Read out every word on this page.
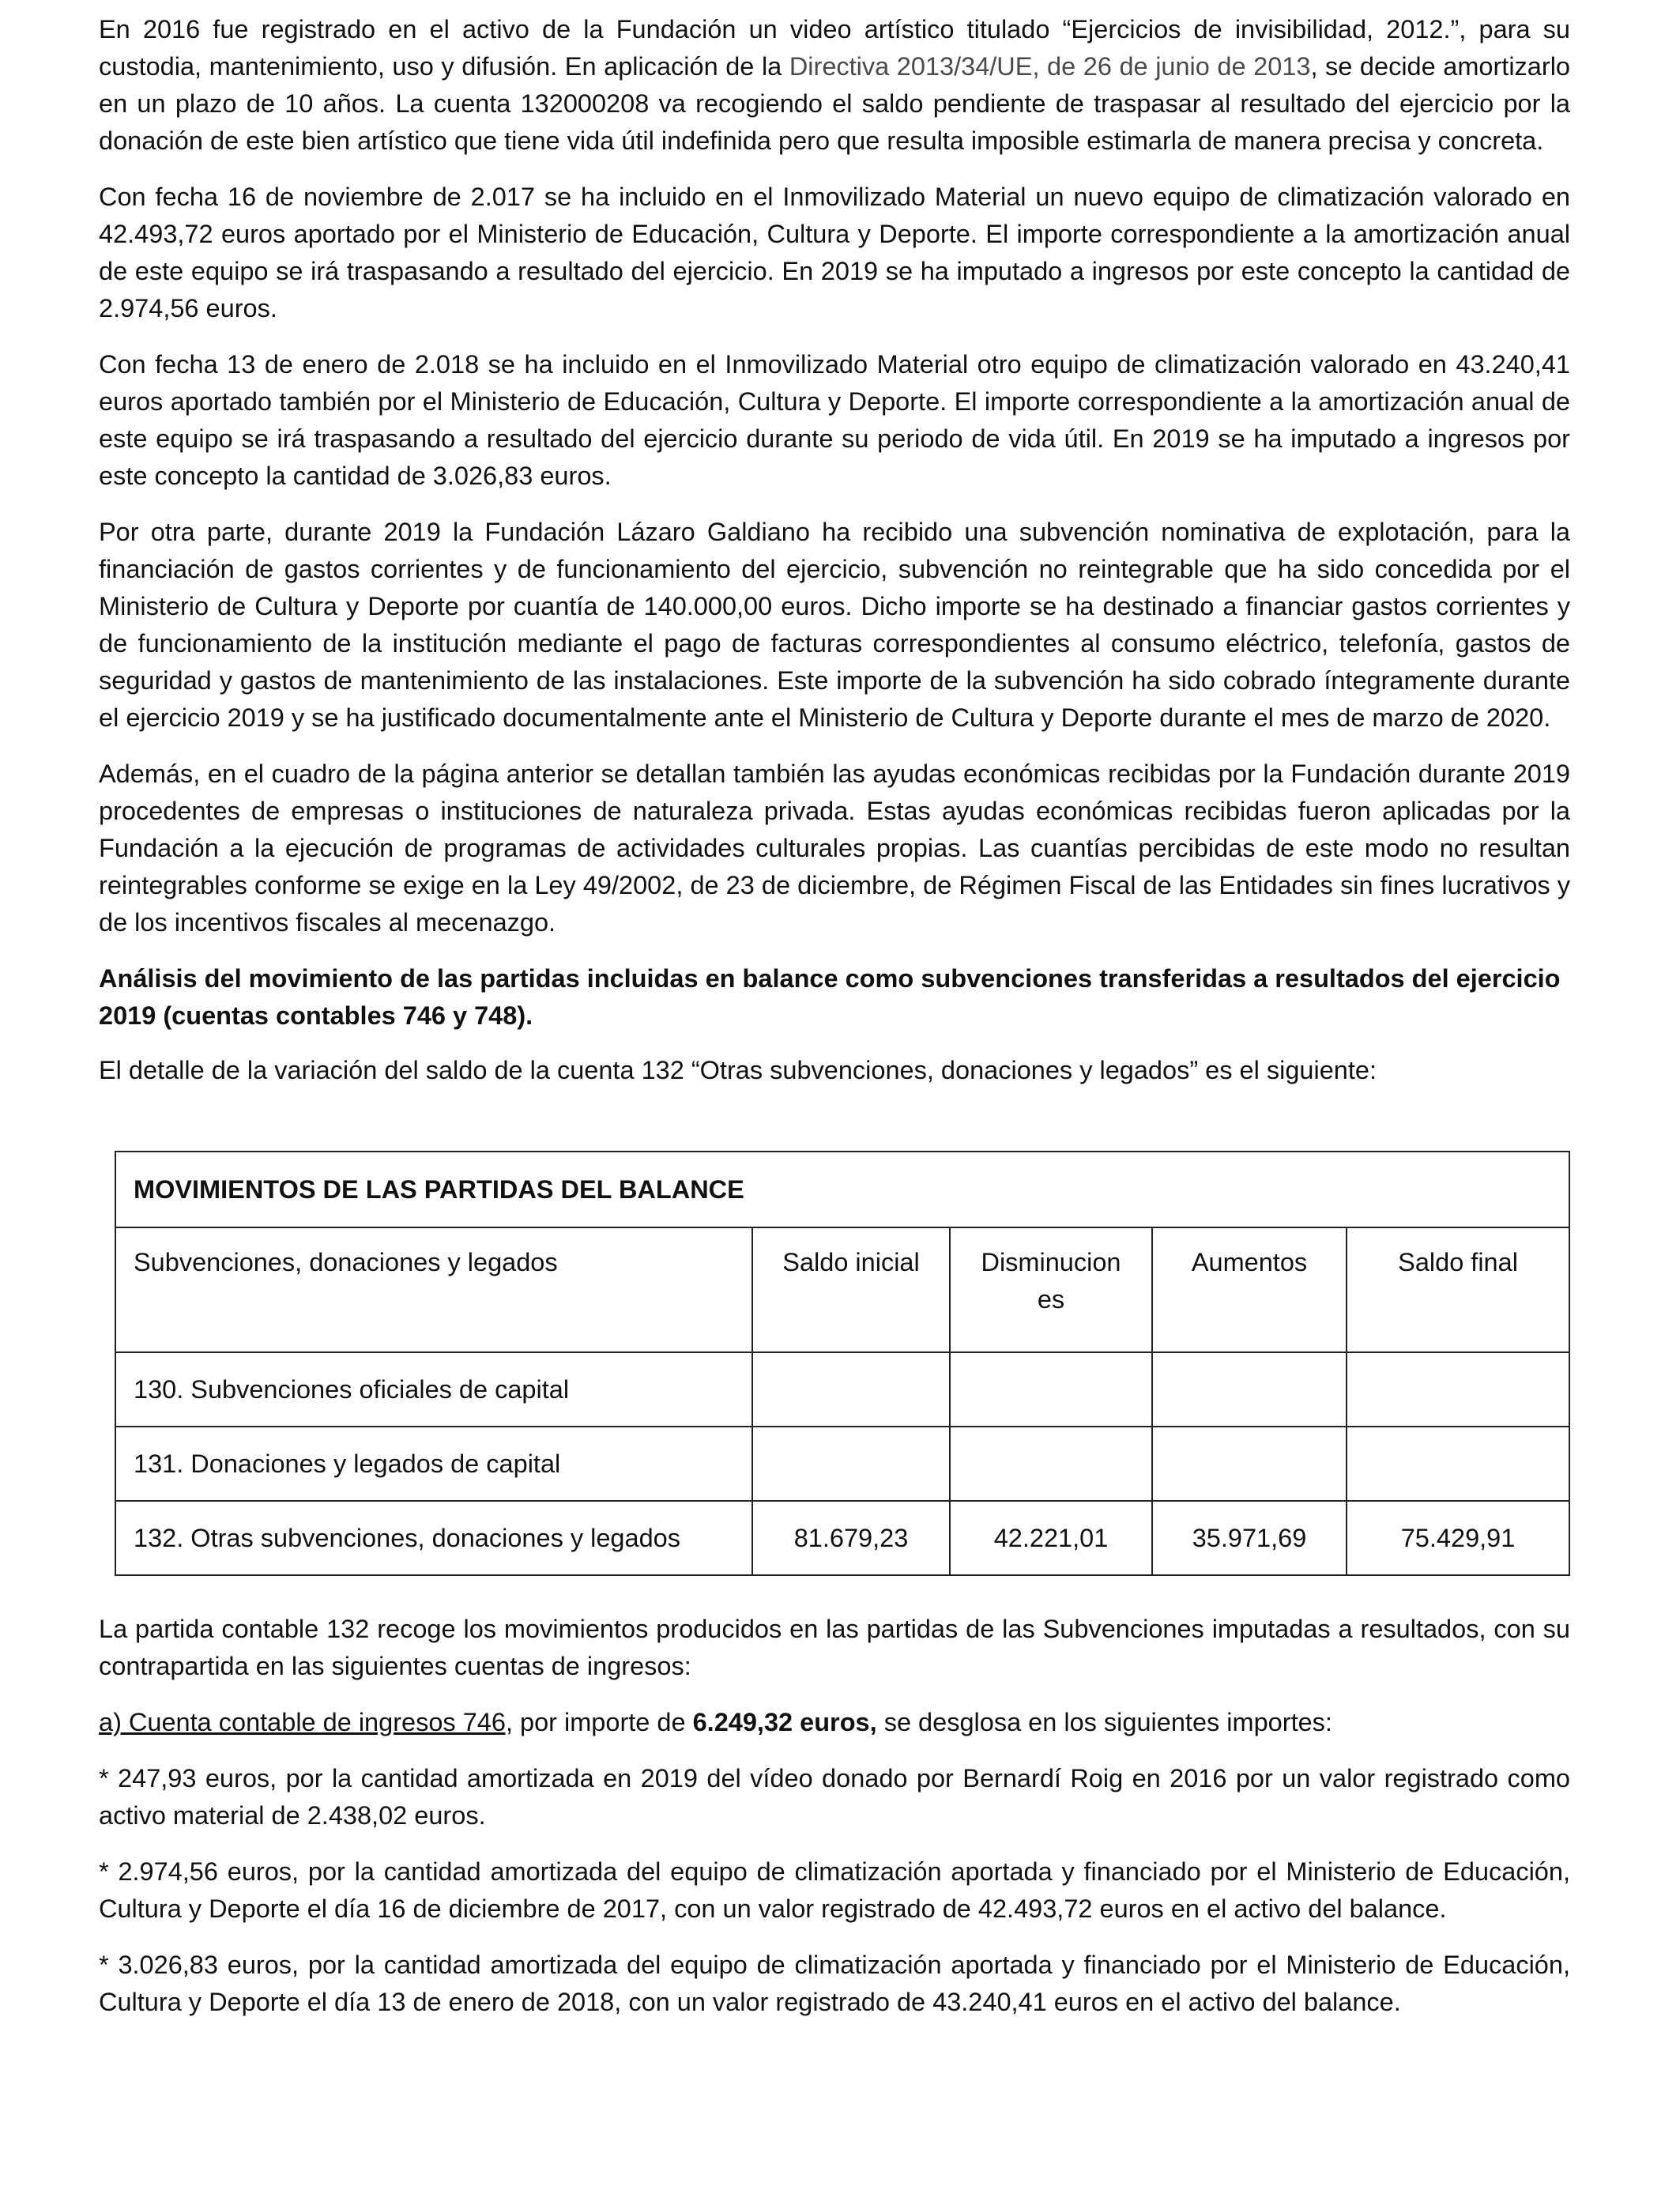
En 2016 fue registrado en el activo de la Fundación un video artístico titulado “Ejercicios de invisibilidad, 2012.”, para su custodia, mantenimiento, uso y difusión. En aplicación de la Directiva 2013/34/UE, de 26 de junio de 2013, se decide amortizarlo en un plazo de 10 años. La cuenta 132000208 va recogiendo el saldo pendiente de traspasar al resultado del ejercicio por la donación de este bien artístico que tiene vida útil indefinida pero que resulta imposible estimarla de manera precisa y concreta.

Con fecha 16 de noviembre de 2.017 se ha incluido en el Inmovilizado Material un nuevo equipo de climatización valorado en 42.493,72 euros aportado por el Ministerio de Educación, Cultura y Deporte. El importe correspondiente a la amortización anual de este equipo se irá traspasando a resultado del ejercicio. En 2019 se ha imputado a ingresos por este concepto la cantidad de 2.974,56 euros.

Con fecha 13 de enero de 2.018 se ha incluido en el Inmovilizado Material otro equipo de climatización valorado en 43.240,41 euros aportado también por el Ministerio de Educación, Cultura y Deporte. El importe correspondiente a la amortización anual de este equipo se irá traspasando a resultado del ejercicio durante su periodo de vida útil. En 2019 se ha imputado a ingresos por este concepto la cantidad de 3.026,83 euros.

Por otra parte, durante 2019 la Fundación Lázaro Galdiano ha recibido una subvención nominativa de explotación, para la financiación de gastos corrientes y de funcionamiento del ejercicio, subvención no reintegrable que ha sido concedida por el Ministerio de Cultura y Deporte por cuantía de 140.000,00 euros. Dicho importe se ha destinado a financiar gastos corrientes y de funcionamiento de la institución mediante el pago de facturas correspondientes al consumo eléctrico, telefonía, gastos de seguridad y gastos de mantenimiento de las instalaciones. Este importe de la subvención ha sido cobrado íntegramente durante el ejercicio 2019 y se ha justificado documentalmente ante el Ministerio de Cultura y Deporte durante el mes de marzo de 2020.

Además, en el cuadro de la página anterior se detallan también las ayudas económicas recibidas por la Fundación durante 2019 procedentes de empresas o instituciones de naturaleza privada. Estas ayudas económicas recibidas fueron aplicadas por la Fundación a la ejecución de programas de actividades culturales propias. Las cuantías percibidas de este modo no resultan reintegrables conforme se exige en la Ley 49/2002, de 23 de diciembre, de Régimen Fiscal de las Entidades sin fines lucrativos y de los incentivos fiscales al mecenazgo.

Análisis del movimiento de las partidas incluidas en balance como subvenciones transferidas a resultados del ejercicio 2019 (cuentas contables 746 y 748).

El detalle de la variación del saldo de la cuenta 132 “Otras subvenciones, donaciones y legados” es el siguiente:

MOVIMIENTOS DE LAS PARTIDAS DEL BALANCE				
Subvenciones, donaciones y legados	Saldo inicial	Disminuciones	Aumentos	Saldo final
130. Subvenciones oficiales de capital				
131. Donaciones y legados de capital				
132. Otras subvenciones, donaciones y legados	81.679,23	42.221,01	35.971,69	75.429,91

La partida contable 132 recoge los movimientos producidos en las partidas de las Subvenciones imputadas a resultados, con su contrapartida en las siguientes cuentas de ingresos:

a) Cuenta contable de ingresos 746, por importe de 6.249,32 euros, se desglosa en los siguientes importes:

* 247,93 euros, por la cantidad amortizada en 2019 del vídeo donado por Bernardí Roig en 2016 por un valor registrado como activo material de 2.438,02 euros.

* 2.974,56 euros, por la cantidad amortizada del equipo de climatización aportada y financiado por el Ministerio de Educación, Cultura y Deporte el día 16 de diciembre de 2017, con un valor registrado de 42.493,72 euros en el activo del balance.

* 3.026,83 euros, por la cantidad amortizada del equipo de climatización aportada y financiado por el Ministerio de Educación, Cultura y Deporte el día 13 de enero de 2018, con un valor registrado de 43.240,41 euros en el activo del balance.
